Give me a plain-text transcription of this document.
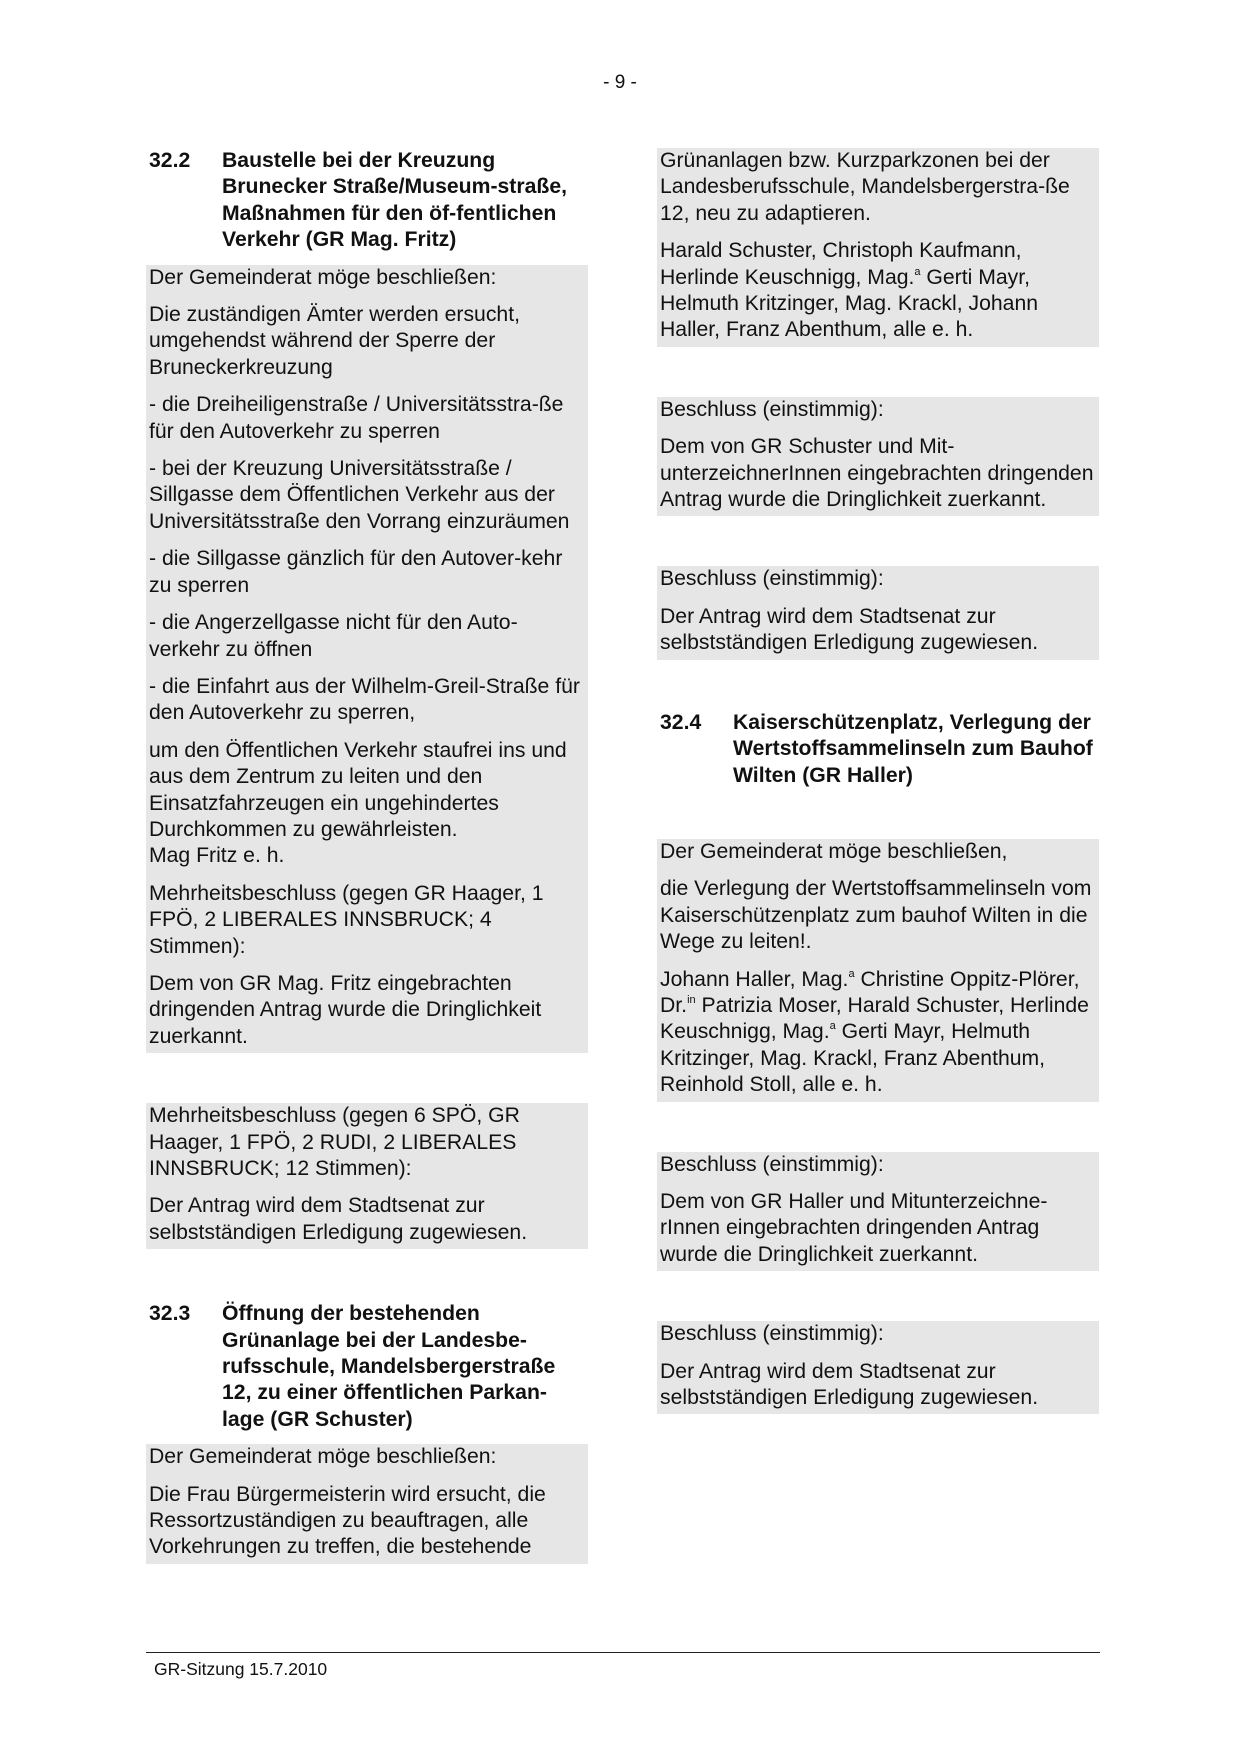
- 9 -
32.2	Baustelle bei der Kreuzung Brunecker Straße/Museum-straße, Maßnahmen für den öf-fentlichen Verkehr (GR Mag. Fritz)
Der Gemeinderat möge beschließen:
Die zuständigen Ämter werden ersucht, umgehendst während der Sperre der Bruneckerkreuzung
- die Dreiheiligenstraße / Universitätsstra-ße für den Autoverkehr zu sperren
- bei der Kreuzung Universitätsstraße / Sillgasse dem Öffentlichen Verkehr aus der Universitätsstraße den Vorrang einzuräumen
- die Sillgasse gänzlich für den Autover-kehr zu sperren
- die Angerzellgasse nicht für den Auto-verkehr zu öffnen
- die Einfahrt aus der Wilhelm-Greil-Straße für den Autoverkehr zu sperren,
um den Öffentlichen Verkehr staufrei ins und aus dem Zentrum zu leiten und den Einsatzfahrzeugen ein ungehindertes Durchkommen zu gewährleisten.
Mag Fritz e. h.
Mehrheitsbeschluss (gegen GR Haager, 1 FPÖ, 2 LIBERALES INNSBRUCK; 4 Stimmen):
Dem von GR Mag. Fritz eingebrachten dringenden Antrag wurde die Dringlichkeit zuerkannt.
Mehrheitsbeschluss (gegen 6 SPÖ, GR Haager, 1 FPÖ, 2 RUDI, 2 LIBERALES INNSBRUCK; 12 Stimmen):
Der Antrag wird dem Stadtsenat zur selbstständigen Erledigung zugewiesen.
32.3	Öffnung der bestehenden Grünanlage bei der Landesbe-rufsschule, Mandelsbergerstraße 12, zu einer öffentlichen Parkan-lage (GR Schuster)
Der Gemeinderat möge beschließen:
Die Frau Bürgermeisterin wird ersucht, die Ressortzuständigen zu beauftragen, alle Vorkehrungen zu treffen, die bestehende
Grünanlagen bzw. Kurzparkzonen bei der Landesberufsschule, Mandelsbergerstra-ße 12, neu zu adaptieren.
Harald Schuster, Christoph Kaufmann, Herlinde Keuschnigg, Mag.$^a$ Gerti Mayr, Helmuth Kritzinger, Mag. Krackl, Johann Haller, Franz Abenthum, alle e. h.
Beschluss (einstimmig):
Dem von GR Schuster und Mit-unterzeichnerInnen eingebrachten dringenden Antrag wurde die Dringlichkeit zuerkannt.
Beschluss (einstimmig):
Der Antrag wird dem Stadtsenat zur selbstständigen Erledigung zugewiesen.
32.4	Kaiserschützenplatz, Verlegung der Wertstoffsammelinseln zum Bauhof Wilten (GR Haller)
Der Gemeinderat möge beschließen,
die Verlegung der Wertstoffsammelinseln vom Kaiserschützenplatz zum bauhof Wilten in die Wege zu leiten!.
Johann Haller, Mag.$^a$ Christine Oppitz-Plörer, Dr.$^{in}$ Patrizia Moser, Harald Schuster, Herlinde Keuschnigg, Mag.$^a$ Gerti Mayr, Helmuth Kritzinger, Mag. Krackl, Franz Abenthum, Reinhold Stoll, alle e. h.
Beschluss (einstimmig):
Dem von GR Haller und Mitunterzeichne-rInnen eingebrachten dringenden Antrag wurde die Dringlichkeit zuerkannt.
Beschluss (einstimmig):
Der Antrag wird dem Stadtsenat zur selbstständigen Erledigung zugewiesen.
GR-Sitzung 15.7.2010
